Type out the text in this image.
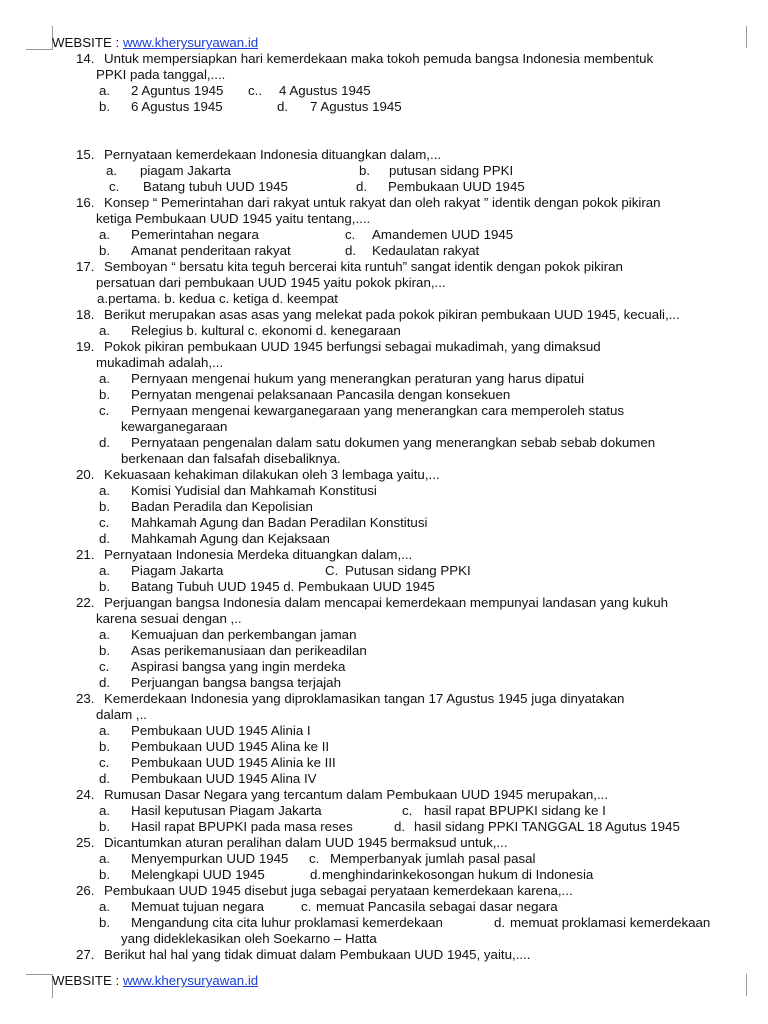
WEBSITE : www.kherysuryawan.id
WEBSITE : www.kherysuryawan.id
14. Untuk mempersiapkan hari kemerdekaan maka tokoh pemuda bangsa Indonesia membentuk
PPKI pada tanggal,....
a. 2 Aguntus 1945 c.. 4 Agustus 1945
b. 6 Agustus 1945	d. 7 Agustus 1945
15. Pernyataan kemerdekaan Indonesia dituangkan dalam,...
a. piagam Jakarta	b. putusan sidang PPKI
c. Batang tubuh UUD 1945	d. Pembukaan UUD 1945
16. Konsep “ Pemerintahan dari rakyat untuk rakyat dan oleh rakyat ” identik dengan pokok pikiran
ketiga Pembukaan UUD 1945 yaitu tentang,....
a. Pemerintahan negara	c. Amandemen UUD 1945
b. Amanat penderitaan rakyat	d. Kedaulatan rakyat
17. Semboyan “ bersatu kita teguh bercerai kita runtuh” sangat identik dengan pokok pikiran
persatuan dari pembukaan UUD 1945 yaitu pokok pkiran,...
a.pertama. b. kedua c. ketiga d. keempat
18. Berikut merupakan asas asas yang melekat pada pokok pikiran pembukaan UUD 1945, kecuali,...
a. Relegius b. kultural c. ekonomi d. kenegaraan
19. Pokok pikiran pembukaan UUD 1945 berfungsi sebagai mukadimah, yang dimaksud
mukadimah adalah,...
a. Pernyaan mengenai hukum yang menerangkan peraturan yang harus dipatui
b. Pernyatan mengenai pelaksanaan Pancasila dengan konsekuen
c. Pernyaan mengenai kewarganegaraan yang menerangkan cara memperoleh status
kewarganegaraan
d. Pernyataan pengenalan dalam satu dokumen yang menerangkan sebab sebab dokumen
berkenaan dan falsafah disebaliknya.
20. Kekuasaan kehakiman dilakukan oleh 3 lembaga yaitu,...
a. Komisi Yudisial dan Mahkamah Konstitusi
b. Badan Peradila dan Kepolisian
c. Mahkamah Agung dan Badan Peradilan Konstitusi
d. Mahkamah Agung dan Kejaksaan
21. Pernyataan Indonesia Merdeka dituangkan dalam,...
a. Piagam Jakarta	C. Putusan sidang PPKI
b. Batang Tubuh UUD 1945 d. Pembukaan UUD 1945
22. Perjuangan bangsa Indonesia dalam mencapai kemerdekaan mempunyai landasan yang kukuh
karena sesuai dengan ,..
a. Kemuajuan dan perkembangan jaman
b. Asas perikemanusiaan dan perikeadilan
c. Aspirasi bangsa yang ingin merdeka
d. Perjuangan bangsa bangsa terjajah
23. Kemerdekaan Indonesia yang diproklamasikan tangan 17 Agustus 1945 juga dinyatakan
dalam ,..
a. Pembukaan UUD 1945 Alinia I
b. Pembukaan UUD 1945 Alina ke II
c. Pembukaan UUD 1945 Alinia ke III
d. Pembukaan UUD 1945 Alina IV
24. Rumusan Dasar Negara yang tercantum dalam Pembukaan UUD 1945 merupakan,...
a. Hasil keputusan Piagam Jakarta	c. hasil rapat BPUPKI sidang ke I
b. Hasil rapat BPUPKI pada masa reses	d. hasil sidang PPKI TANGGAL 18 Agutus 1945
25. Dicantumkan aturan peralihan dalam UUD 1945 bermaksud untuk,...
a. Menyempurkan UUD 1945 c. Memperbanyak jumlah pasal pasal
b. Melengkapi UUD 1945	d. menghindarinkekosongan hukum di Indonesia
26. Pembukaan UUD 1945 disebut juga sebagai peryataan kemerdekaan karena,...
a. Memuat tujuan negara	c. memuat Pancasila sebagai dasar negara
b. Mengandung cita cita luhur proklamasi kemerdekaan	d. memuat proklamasi kemerdekaan
yang dideklekasikan oleh Soekarno – Hatta
27. Berikut hal hal yang tidak dimuat dalam Pembukaan UUD 1945, yaitu,....
